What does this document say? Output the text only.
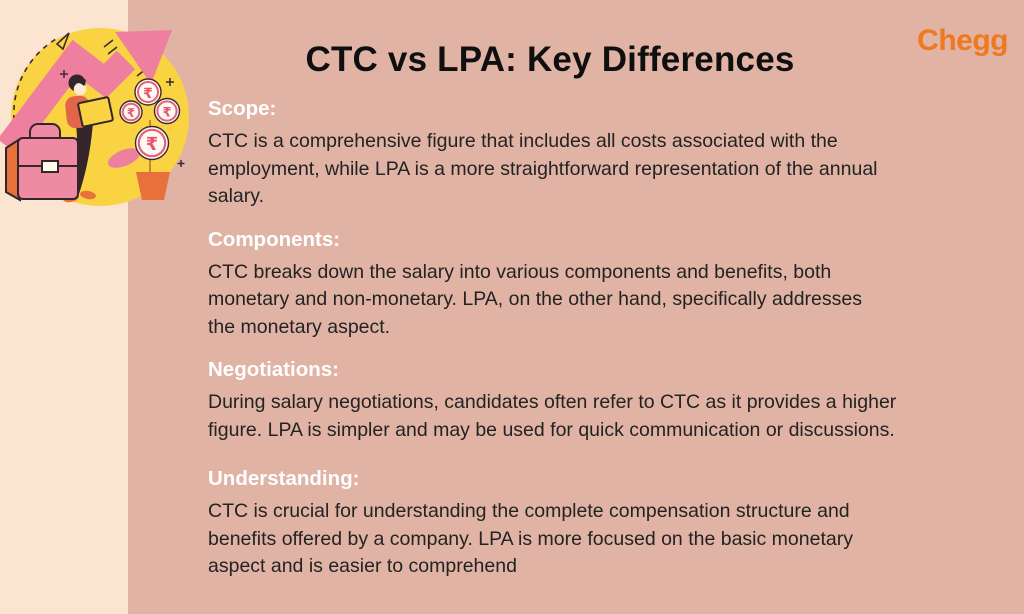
₹
₹ ₹
₹
Chegg
CTC vs LPA: Key Differences
Scope:
CTC is a comprehensive figure that includes all costs associated with the
employment, while LPA is a more straightforward representation of the annual
salary.
Components:
CTC breaks down the salary into various components and benefits, both
monetary and non-monetary. LPA, on the other hand, specifically addresses
the monetary aspect.
Negotiations:
During salary negotiations, candidates often refer to CTC as it provides a higher
figure. LPA is simpler and may be used for quick communication or discussions.
Understanding:
CTC is crucial for understanding the complete compensation structure and
benefits offered by a company. LPA is more focused on the basic monetary
aspect and is easier to comprehend
